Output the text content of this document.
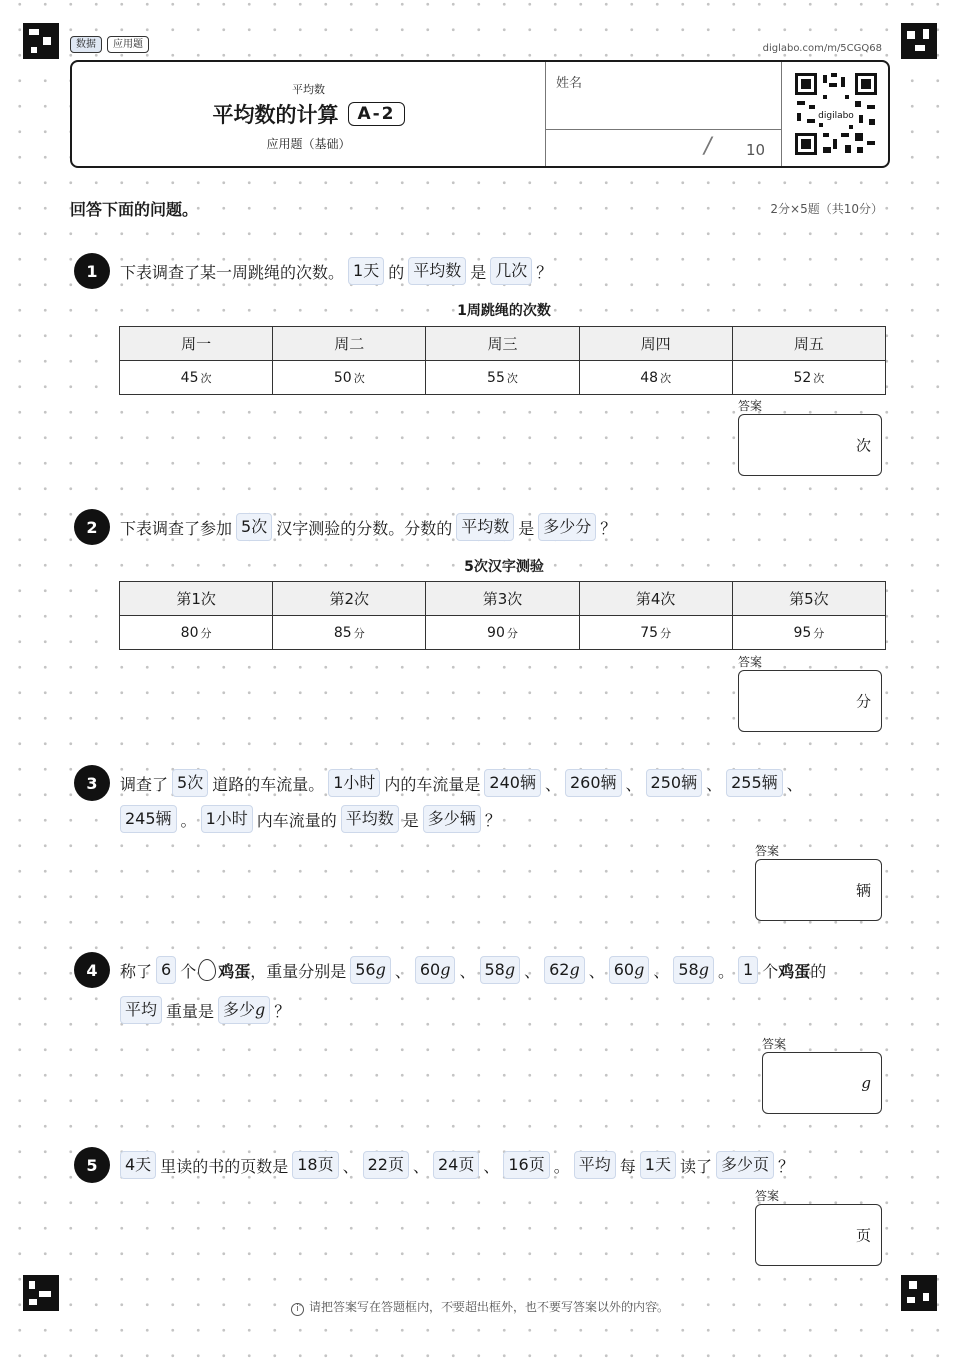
数据	应用题	diglabo.com/m/5CGQ68
平均数
平均数的计算	A-2
应用题（基础）
姓名
/ 10
digilabo
回答下面的问题。	2分×5题（共10分）
1	下表调查了某一周跳绳的次数。 1天 的 平均数 是 几次 ？
1周跳绳的次数
周一	周二	周三	周四	周五
45 次	50 次	55 次	48 次	52 次
答案
次
2	下表调查了参加 5次 汉字测验的分数。分数的 平均数 是 多少分 ？
5次汉字测验
第1次	第2次	第3次	第4次	第5次
80 分	85 分	90 分	75 分	95 分
答案
分
3	调查了 5次 道路的车流量。 1小时 内的车流量是 240辆 、 260辆 、 250辆 、 255辆 、
245辆 。 1小时 内车流量的 平均数 是 多少辆 ？
答案
辆
4	称了 6 个 鸡蛋 ，重量分别是 56g 、 60g 、 58g 、 62g 、 60g 、 58g 。 1 个 鸡蛋 的
平均 重量是 多少g ？
答案
g
5	4天 里读的书的页数是 18页 、 22页 、 24页 、 16页 。 平均 每 1天 读了 多少页 ？
答案
页
i 请把答案写在答题框内，不要超出框外，也不要写答案以外的内容。
